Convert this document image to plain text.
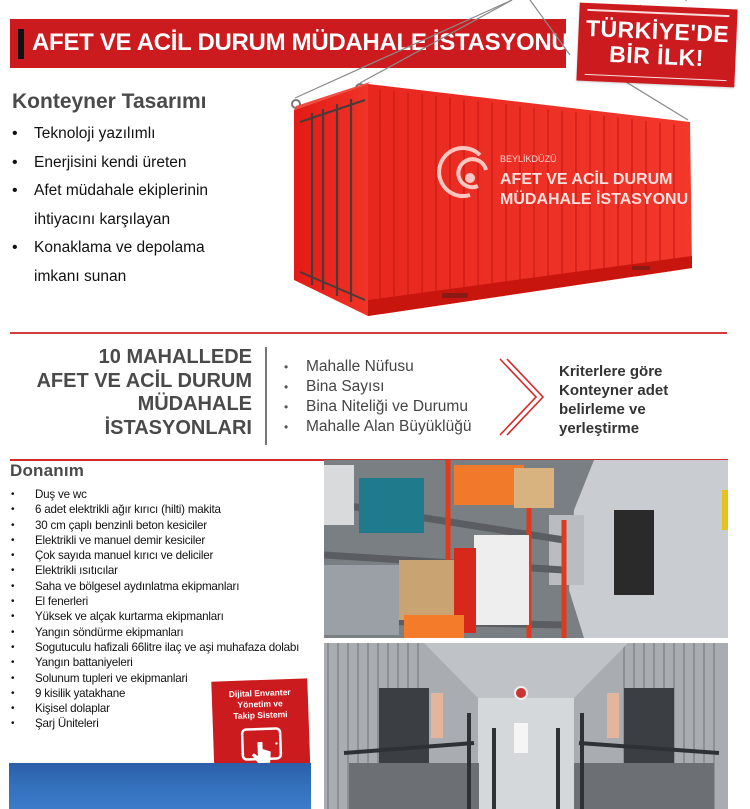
AFET VE ACİL DURUM MÜDAHALE İSTASYONU
BEYLİKDÜZÜ
AFET VE ACİL DURUM
MÜDAHALE İSTASYONU
TÜRKİYE'DE
BİR İLK!
Konteyner Tasarımı
• Teknoloji yazılımlı
• Enerjisini kendi üreten
• Afet müdahale ekiplerinin
ihtiyacını karşılayan
• Konaklama ve depolama
imkanı sunan
10 MAHALLEDE
AFET VE ACİL DURUM
MÜDAHALE
İSTASYONLARI
• Mahalle Nüfusu
• Bina Sayısı
• Bina Niteliği ve Durumu
• Mahalle Alan Büyüklüğü
Kriterlere göre
Konteyner adet
belirleme ve
yerleştirme
Donanım
• Duş ve wc
• 6 adet elektrikli ağır kırıcı (hilti) makita
• 30 cm çaplı benzinli beton kesiciler
• Elektrikli ve manuel demir kesiciler
• Çok sayıda manuel kırıcı ve deliciler
• Elektrikli ısıtıcılar
• Saha ve bölgesel aydınlatma ekipmanları
• El fenerleri
• Yüksek ve alçak kurtarma ekipmanları
• Yangın söndürme ekipmanları
• Sogutuculu hafizali 66litre ilaç ve aşi muhafaza dolabı
• Yangın battaniyeleri
• Solunum tupleri ve ekipmanlari
• 9 kisilik yatakhane
• Kişisel dolaplar
• Şarj Üniteleri
Dijital Envanter
Yönetim ve
Takip Sistemi
